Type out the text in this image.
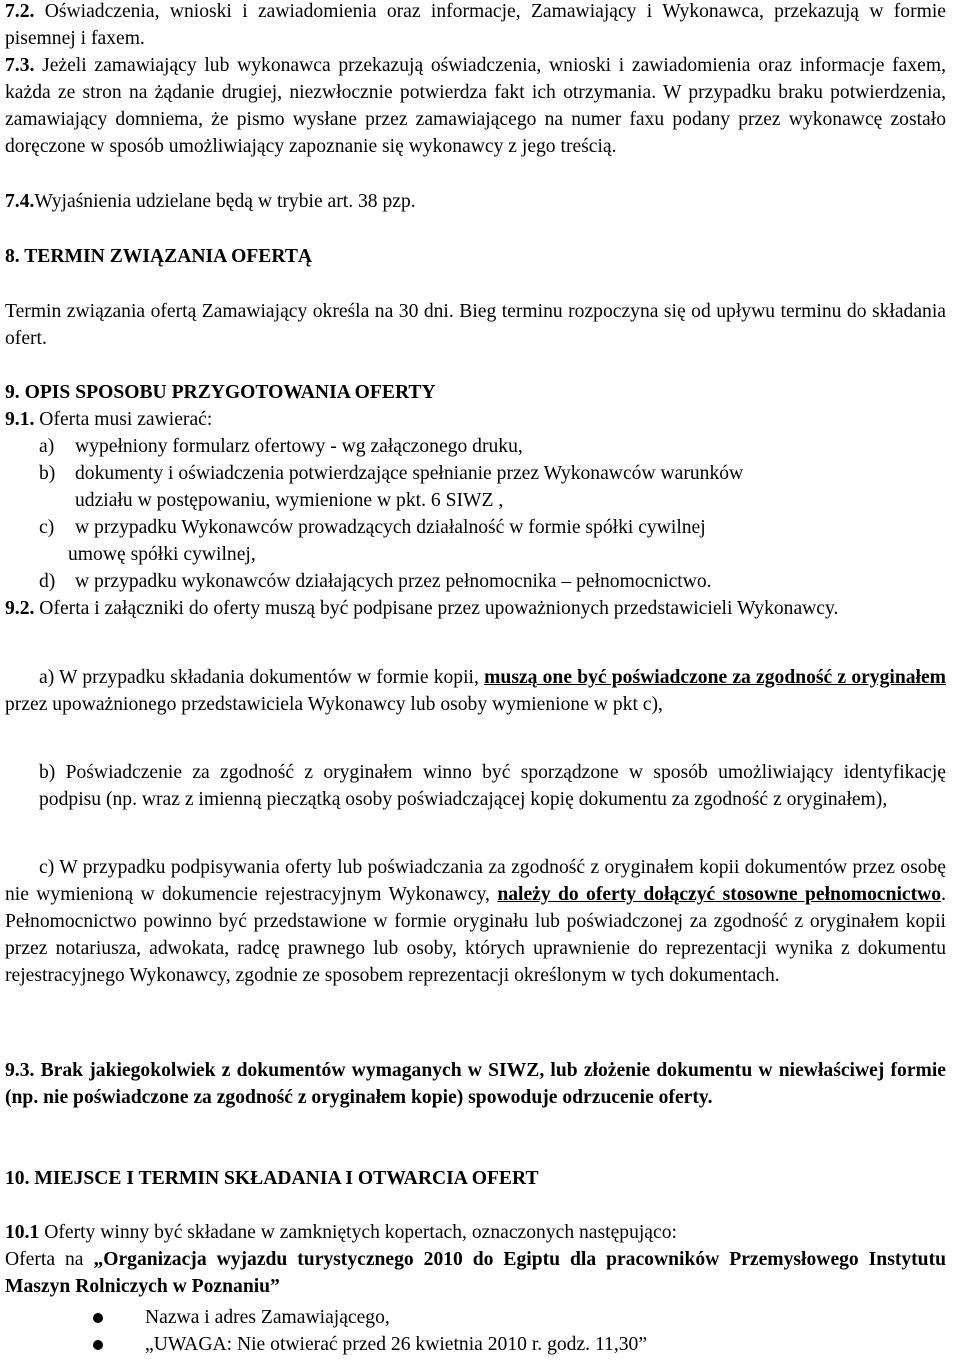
7.2. Oświadczenia, wnioski i zawiadomienia oraz informacje, Zamawiający i Wykonawca, przekazują w formie pisemnej i faxem.

7.3. Jeżeli zamawiający lub wykonawca przekazują oświadczenia, wnioski i zawiadomienia oraz informacje faxem, każda ze stron na żądanie drugiej, niezwłocznie potwierdza fakt ich otrzymania. W przypadku braku potwierdzenia, zamawiający domniema, że pismo wysłane przez zamawiającego na numer faxu podany przez wykonawcę zostało doręczone w sposób umożliwiający zapoznanie się wykonawcy z jego treścią.

7.4.Wyjaśnienia udzielane będą w trybie art. 38 pzp.

8. TERMIN ZWIĄZANIA OFERTĄ

Termin związania ofertą Zamawiający określa na 30 dni. Bieg terminu rozpoczyna się od upływu terminu do składania ofert.

9. OPIS SPOSOBU PRZYGOTOWANIA OFERTY

9.1. Oferta musi zawierać:

a) wypełniony formularz ofertowy - wg załączonego druku,
b) dokumenty i oświadczenia potwierdzające spełnianie przez Wykonawców warunków
udziału w postępowaniu, wymienione w pkt. 6 SIWZ ,
c) w przypadku Wykonawców prowadzących działalność w formie spółki cywilnej
umowę spółki cywilnej,
d) w przypadku wykonawców działających przez pełnomocnika – pełnomocnictwo.

9.2. Oferta i załączniki do oferty muszą być podpisane przez upoważnionych przedstawicieli Wykonawcy.

a) W przypadku składania dokumentów w formie kopii, muszą one być poświadczone za zgodność z oryginałem przez upoważnionego przedstawiciela Wykonawcy lub osoby wymienione w pkt c),

b) Poświadczenie za zgodność z oryginałem winno być sporządzone w sposób umożliwiający identyfikację podpisu (np. wraz z imienną pieczątką osoby poświadczającej kopię dokumentu za zgodność z oryginałem),

c) W przypadku podpisywania oferty lub poświadczania za zgodność z oryginałem kopii dokumentów przez osobę nie wymienioną w dokumencie rejestracyjnym Wykonawcy, należy do oferty dołączyć stosowne pełnomocnictwo. Pełnomocnictwo powinno być przedstawione w formie oryginału lub poświadczonej za zgodność z oryginałem kopii przez notariusza, adwokata, radcę prawnego lub osoby, których uprawnienie do reprezentacji wynika z dokumentu rejestracyjnego Wykonawcy, zgodnie ze sposobem reprezentacji określonym w tych dokumentach.

9.3. Brak jakiegokolwiek z dokumentów wymaganych w SIWZ, lub złożenie dokumentu w niewłaściwej formie (np. nie poświadczone za zgodność z oryginałem kopie) spowoduje odrzucenie oferty.

10. MIEJSCE I TERMIN SKŁADANIA I OTWARCIA OFERT

10.1 Oferty winny być składane w zamkniętych kopertach, oznaczonych następująco:

Oferta na „Organizacja wyjazdu turystycznego 2010 do Egiptu dla pracowników Przemysłowego Instytutu Maszyn Rolniczych w Poznaniu”

Nazwa i adres Zamawiającego,
„UWAGA: Nie otwierać przed 26 kwietnia 2010 r. godz. 11,30”
